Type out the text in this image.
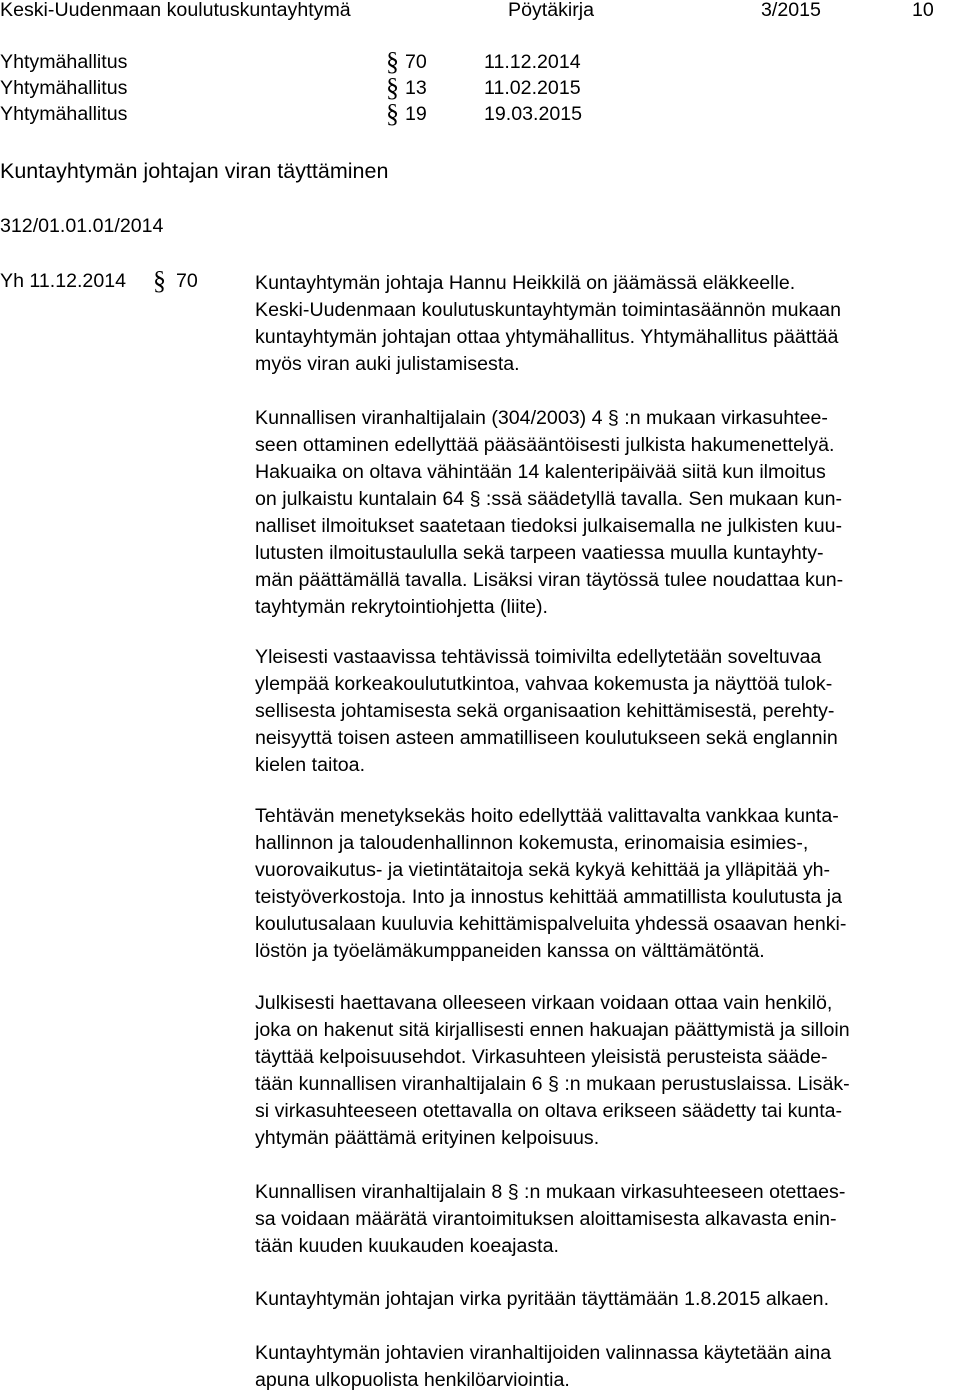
Keski-Uudenmaan koulutuskuntayhtymä	Pöytäkirja	3/2015	10
Yhtymähallitus	§ 70	11.12.2014
Yhtymähallitus	§ 13	11.02.2015
Yhtymähallitus	§ 19	19.03.2015
Kuntayhtymän johtajan viran täyttäminen
312/01.01.01/2014
Yh 11.12.2014 § 70	Kuntayhtymän johtaja Hannu Heikkilä on jäämässä eläkkeelle.
Keski-Uudenmaan koulutuskuntayhtymän toimintasäännön mukaan
kuntayhtymän johtajan ottaa yhtymähallitus. Yhtymähallitus päättää
myös viran auki julistamisesta.

Kunnallisen viranhaltijalain (304/2003) 4 § :n mukaan virkasuhtee-
seen ottaminen edellyttää pääsääntöisesti julkista hakumenettelyä.
Hakuaika on oltava vähintään 14 kalenteripäivää siitä kun ilmoitus
on julkaistu kuntalain 64 § :ssä säädetyllä tavalla. Sen mukaan kun-
nalliset ilmoitukset saatetaan tiedoksi julkaisemalla ne julkisten kuu-
lutusten ilmoitustaululla sekä tarpeen vaatiessa muulla kuntayhty-
män päättämällä tavalla. Lisäksi viran täytössä tulee noudattaa kun-
tayhtymän rekrytointiohjetta (liite).

Yleisesti vastaavissa tehtävissä toimivilta edellytetään soveltuvaa
ylempää korkeakoulututkintoa, vahvaa kokemusta ja näyttöä tulok-
sellisesta johtamisesta sekä organisaation kehittämisestä, perehty-
neisyyttä toisen asteen ammatilliseen koulutukseen sekä englannin
kielen taitoa.

Tehtävän menetyksekäs hoito edellyttää valittavalta vankkaa kunta-
hallinnon ja taloudenhallinnon kokemusta, erinomaisia esimies-,
vuorovaikutus- ja vietintätaitoja sekä kykyä kehittää ja ylläpitää yh-
teistyöverkostoja. Into ja innostus kehittää ammatillista koulutusta ja
koulutusalaan kuuluvia kehittämispalveluita yhdessä osaavan henki-
löstön ja työelämäkumppaneiden kanssa on välttämätöntä.

Julkisesti haettavana olleeseen virkaan voidaan ottaa vain henkilö,
joka on hakenut sitä kirjallisesti ennen hakuajan päättymistä ja silloin
täyttää kelpoisuusehdot. Virkasuhteen yleisistä perusteista sääde-
tään kunnallisen viranhaltijalain 6 § :n mukaan perustuslaissa. Lisäk-
si virkasuhteeseen otettavalla on oltava erikseen säädetty tai kunta-
yhtymän päättämä erityinen kelpoisuus.

Kunnallisen viranhaltijalain 8 § :n mukaan virkasuhteeseen otettaes-
sa voidaan määrätä virantoimituksen aloittamisesta alkavasta enin-
tään kuuden kuukauden koeajasta.

Kuntayhtymän johtajan virka pyritään täyttämään 1.8.2015 alkaen.

Kuntayhtymän johtavien viranhaltijoiden valinnassa käytetään aina
apuna ulkopuolista henkilöarviointia.
